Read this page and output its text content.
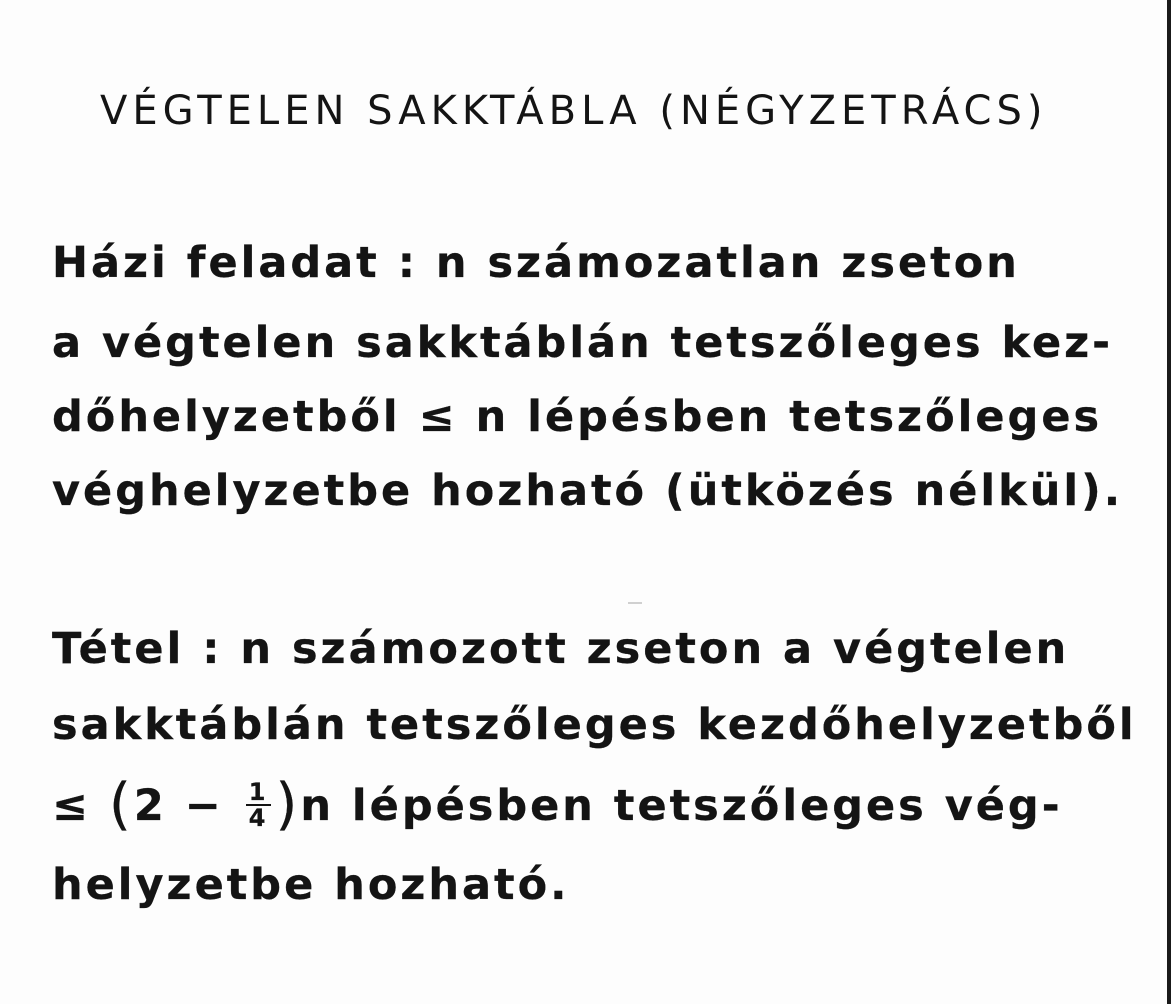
VÉGTELEN SAKKTÁBLA (NÉGYZETRÁCS)
Házi feladat : n számozatlan zseton
a végtelen sakktáblán tetszőleges kez-
dőhelyzetből ≤ n lépésben tetszőleges
véghelyzetbe hozható (ütközés nélkül).
Tétel : n számozott zseton a végtelen
sakktáblán tetszőleges kezdőhelyzetből
≤ $(2 - \frac{1}{4} )n$ lépésben tetszőleges vég-
helyzetbe hozható.
